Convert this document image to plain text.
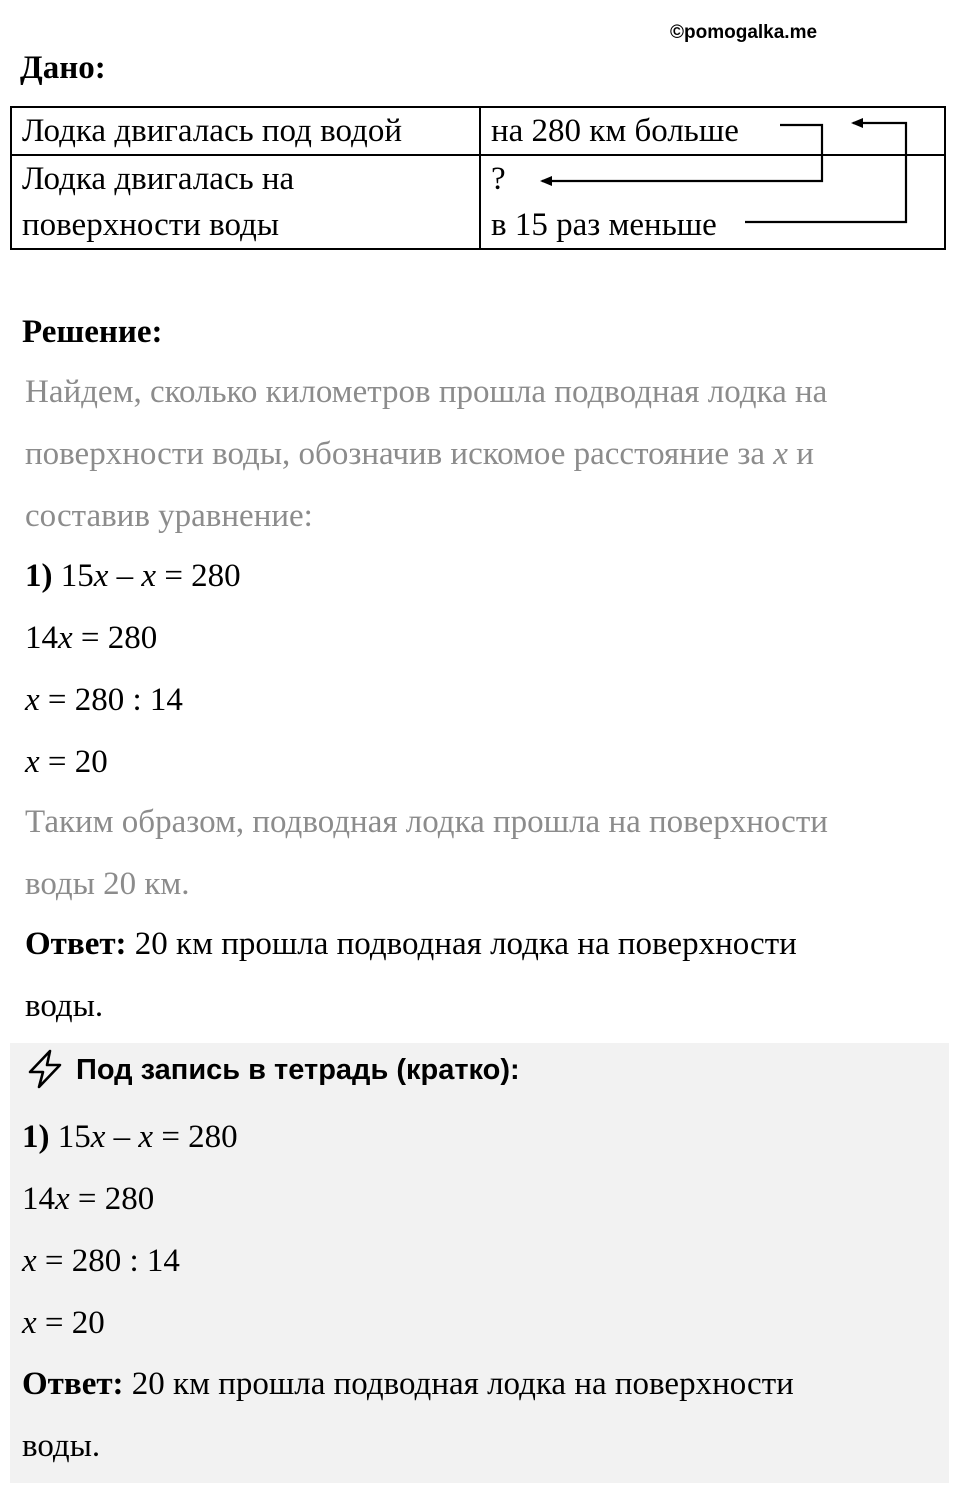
©pomogalka.me
Дано:
Лодка двигалась под водой	на 280 км больше

Лодка двигалась на
поверхности воды	?
в 15 раз меньше
Решение:

Найдем, сколько километров прошла подводная лодка на

поверхности воды, обозначив искомое расстояние за x и

составив уравнение:

1) 15x – x = 280

14x = 280

x = 280 : 14

x = 20

Таким образом, подводная лодка прошла на поверхности

воды 20 км.

Ответ: 20 км прошла подводная лодка на поверхности

воды.

Под запись в тетрадь (кратко):

1) 15x – x = 280

14x = 280

x = 280 : 14

x = 20

Ответ: 20 км прошла подводная лодка на поверхности

воды.
